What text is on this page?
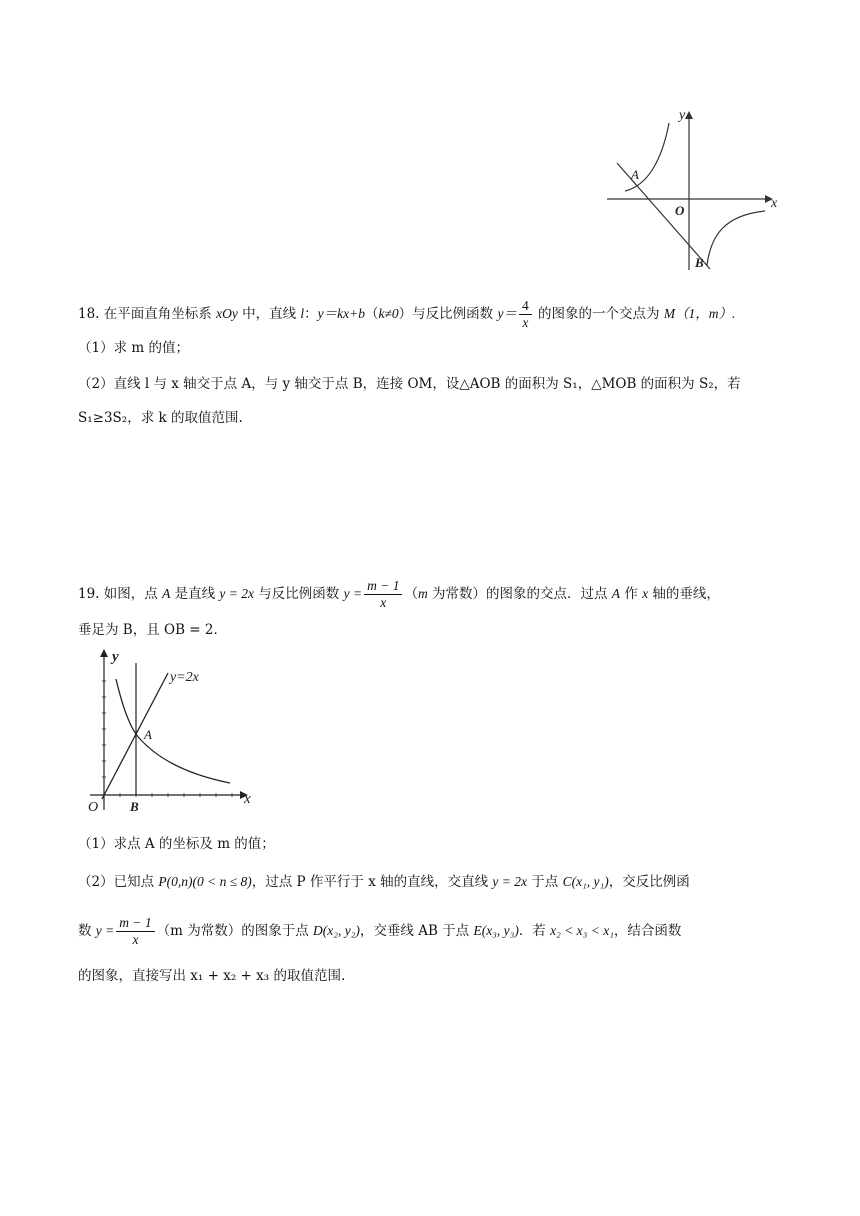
y
x
O
A
B
18. 在平面直角坐标系 xOy 中，直线 l：y＝kx+b（k≠0）与反比例函数 $y= \frac{4}{x}$ 的图象的一个交点为 M（1，m）.
（1）求 m 的值；
（2）直线 l 与 x 轴交于点 A，与 y 轴交于点 B，连接 OM，设△AOB 的面积为 S₁，△MOB 的面积为 S₂，若
S₁≥3S₂，求 k 的取值范围.
19. 如图，点 A 是直线 y = 2x 与反比例函数 $y = \frac{m - 1}{x} (m$ 为常数）的图象的交点．过点 A 作 x 轴的垂线，
垂足为 B，且 OB = 2．
y
x
y=2x
A
O B
（1）求点 A 的坐标及 m 的值；
（2）已知点 P(0,n)(0 < n ≤ 8)，过点 P 作平行于 x 轴的直线，交直线 y = 2x 于点 C(x₁, y₁)，交反比例函
数 $y = \frac{m - 1}{x} (m$ 为常数）的图象于点 D(x₂, y₂)，交垂线 AB 于点 E(x₃, y₃)．若 x₂ < x₃ < x₁，结合函数
的图象，直接写出 x₁ + x₂ + x₃ 的取值范围.
